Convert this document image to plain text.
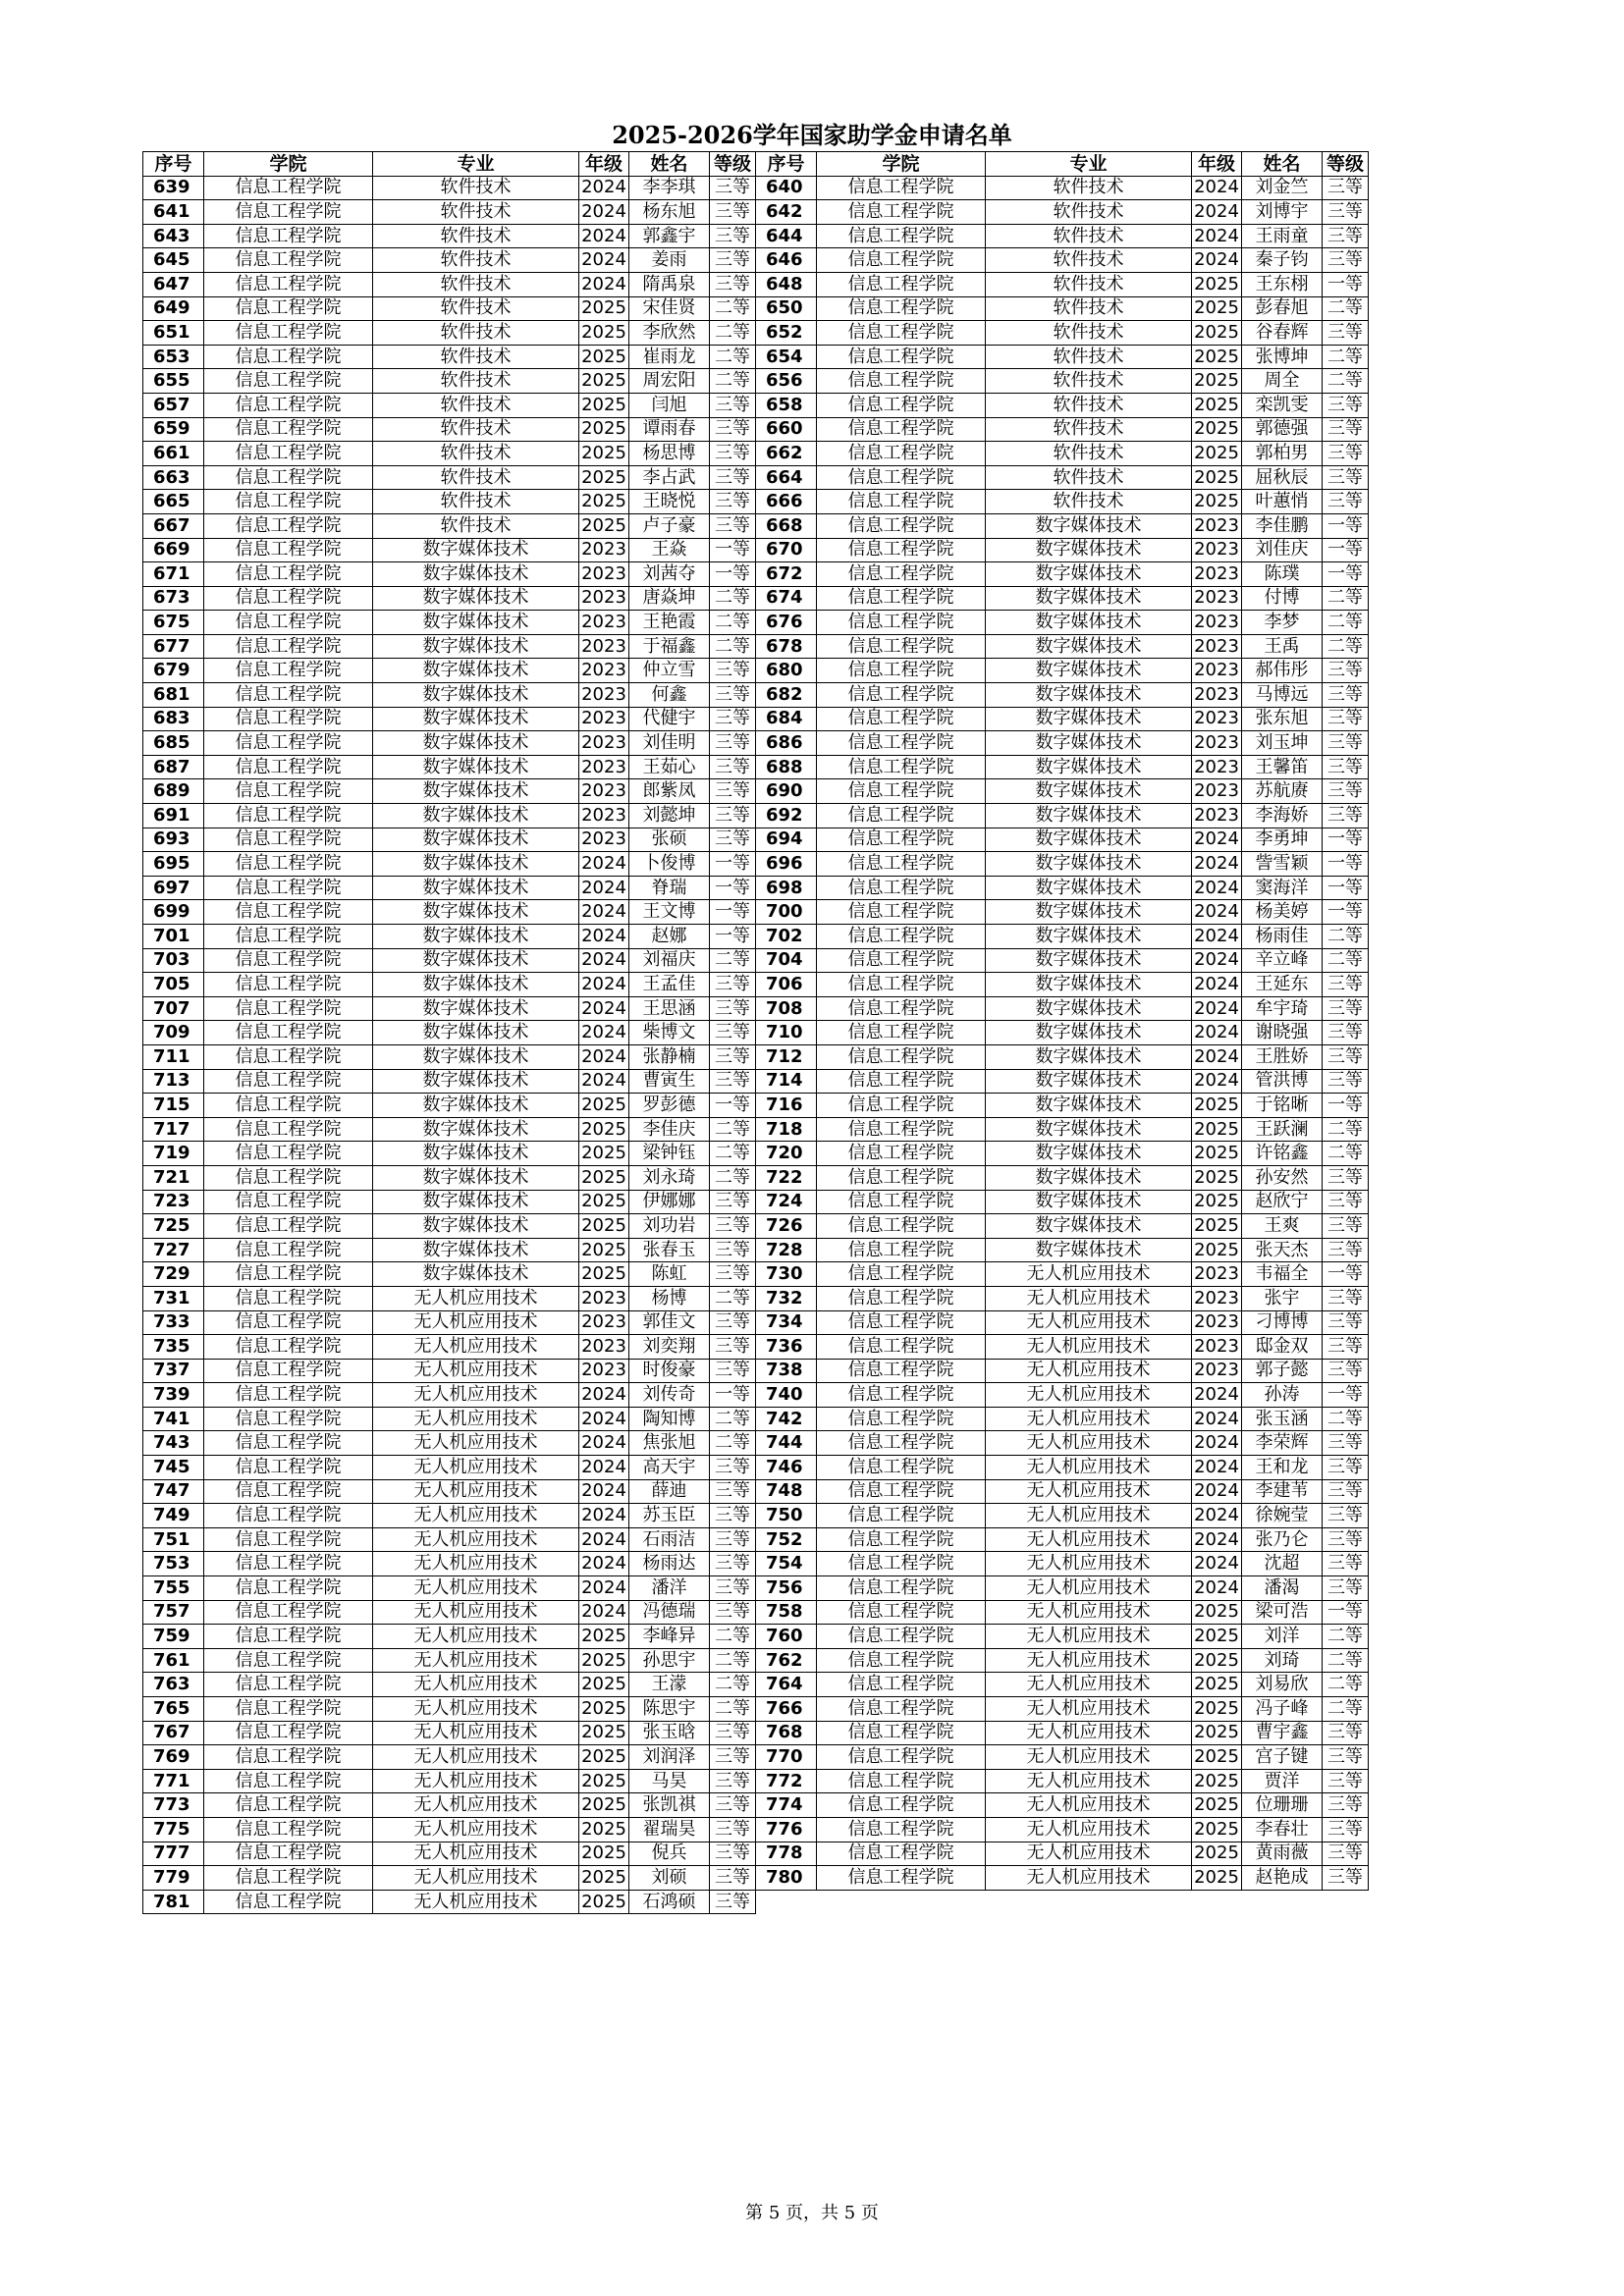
2025-2026学年国家助学金申请名单
序号	学院	专业	年级	姓名	等级	序号	学院	专业	年级	姓名	等级
639	信息工程学院	软件技术	2024	李李琪	三等	640	信息工程学院	软件技术	2024	刘金竺	三等
641	信息工程学院	软件技术	2024	杨东旭	三等	642	信息工程学院	软件技术	2024	刘博宇	三等
643	信息工程学院	软件技术	2024	郭鑫宇	三等	644	信息工程学院	软件技术	2024	王雨童	三等
645	信息工程学院	软件技术	2024	姜雨	三等	646	信息工程学院	软件技术	2024	秦子钧	三等
647	信息工程学院	软件技术	2024	隋禹泉	三等	648	信息工程学院	软件技术	2025	王东栩	一等
649	信息工程学院	软件技术	2025	宋佳贤	二等	650	信息工程学院	软件技术	2025	彭春旭	二等
651	信息工程学院	软件技术	2025	李欣然	二等	652	信息工程学院	软件技术	2025	谷春辉	三等
653	信息工程学院	软件技术	2025	崔雨龙	二等	654	信息工程学院	软件技术	2025	张博坤	二等
655	信息工程学院	软件技术	2025	周宏阳	二等	656	信息工程学院	软件技术	2025	周全	二等
657	信息工程学院	软件技术	2025	闫旭	三等	658	信息工程学院	软件技术	2025	栾凯雯	三等
659	信息工程学院	软件技术	2025	谭雨春	三等	660	信息工程学院	软件技术	2025	郭德强	三等
661	信息工程学院	软件技术	2025	杨思博	三等	662	信息工程学院	软件技术	2025	郭柏男	三等
663	信息工程学院	软件技术	2025	李占武	三等	664	信息工程学院	软件技术	2025	屈秋辰	三等
665	信息工程学院	软件技术	2025	王晓悦	三等	666	信息工程学院	软件技术	2025	叶蕙悄	三等
667	信息工程学院	软件技术	2025	卢子豪	三等	668	信息工程学院	数字媒体技术	2023	李佳鹏	一等
669	信息工程学院	数字媒体技术	2023	王焱	一等	670	信息工程学院	数字媒体技术	2023	刘佳庆	一等
671	信息工程学院	数字媒体技术	2023	刘茜夺	一等	672	信息工程学院	数字媒体技术	2023	陈璞	一等
673	信息工程学院	数字媒体技术	2023	唐焱坤	二等	674	信息工程学院	数字媒体技术	2023	付博	二等
675	信息工程学院	数字媒体技术	2023	王艳霞	二等	676	信息工程学院	数字媒体技术	2023	李梦	二等
677	信息工程学院	数字媒体技术	2023	于福鑫	二等	678	信息工程学院	数字媒体技术	2023	王禹	二等
679	信息工程学院	数字媒体技术	2023	仲立雪	三等	680	信息工程学院	数字媒体技术	2023	郝伟彤	三等
681	信息工程学院	数字媒体技术	2023	何鑫	三等	682	信息工程学院	数字媒体技术	2023	马博远	三等
683	信息工程学院	数字媒体技术	2023	代健宇	三等	684	信息工程学院	数字媒体技术	2023	张东旭	三等
685	信息工程学院	数字媒体技术	2023	刘佳明	三等	686	信息工程学院	数字媒体技术	2023	刘玉坤	三等
687	信息工程学院	数字媒体技术	2023	王茹心	三等	688	信息工程学院	数字媒体技术	2023	王馨笛	三等
689	信息工程学院	数字媒体技术	2023	郎紫凤	三等	690	信息工程学院	数字媒体技术	2023	苏航赓	三等
691	信息工程学院	数字媒体技术	2023	刘懿坤	三等	692	信息工程学院	数字媒体技术	2023	李海娇	三等
693	信息工程学院	数字媒体技术	2023	张硕	三等	694	信息工程学院	数字媒体技术	2024	李勇坤	一等
695	信息工程学院	数字媒体技术	2024	卜俊博	一等	696	信息工程学院	数字媒体技术	2024	訾雪颖	一等
697	信息工程学院	数字媒体技术	2024	脊瑞	一等	698	信息工程学院	数字媒体技术	2024	窦海洋	一等
699	信息工程学院	数字媒体技术	2024	王文博	一等	700	信息工程学院	数字媒体技术	2024	杨美婷	一等
701	信息工程学院	数字媒体技术	2024	赵娜	一等	702	信息工程学院	数字媒体技术	2024	杨雨佳	二等
703	信息工程学院	数字媒体技术	2024	刘福庆	二等	704	信息工程学院	数字媒体技术	2024	辛立峰	二等
705	信息工程学院	数字媒体技术	2024	王孟佳	三等	706	信息工程学院	数字媒体技术	2024	王延东	三等
707	信息工程学院	数字媒体技术	2024	王思涵	三等	708	信息工程学院	数字媒体技术	2024	牟宇琦	三等
709	信息工程学院	数字媒体技术	2024	柴博文	三等	710	信息工程学院	数字媒体技术	2024	谢晓强	三等
711	信息工程学院	数字媒体技术	2024	张静楠	三等	712	信息工程学院	数字媒体技术	2024	王胜娇	三等
713	信息工程学院	数字媒体技术	2024	曹寅生	三等	714	信息工程学院	数字媒体技术	2024	管洪博	三等
715	信息工程学院	数字媒体技术	2025	罗彭德	一等	716	信息工程学院	数字媒体技术	2025	于铭晰	一等
717	信息工程学院	数字媒体技术	2025	李佳庆	二等	718	信息工程学院	数字媒体技术	2025	王跃澜	二等
719	信息工程学院	数字媒体技术	2025	梁钟钰	二等	720	信息工程学院	数字媒体技术	2025	许铭鑫	二等
721	信息工程学院	数字媒体技术	2025	刘永琦	二等	722	信息工程学院	数字媒体技术	2025	孙安然	三等
723	信息工程学院	数字媒体技术	2025	伊娜娜	三等	724	信息工程学院	数字媒体技术	2025	赵欣宁	三等
725	信息工程学院	数字媒体技术	2025	刘功岩	三等	726	信息工程学院	数字媒体技术	2025	王爽	三等
727	信息工程学院	数字媒体技术	2025	张春玉	三等	728	信息工程学院	数字媒体技术	2025	张天杰	三等
729	信息工程学院	数字媒体技术	2025	陈虹	三等	730	信息工程学院	无人机应用技术	2023	韦福全	一等
731	信息工程学院	无人机应用技术	2023	杨博	二等	732	信息工程学院	无人机应用技术	2023	张宇	三等
733	信息工程学院	无人机应用技术	2023	郭佳文	三等	734	信息工程学院	无人机应用技术	2023	刁博博	三等
735	信息工程学院	无人机应用技术	2023	刘奕翔	三等	736	信息工程学院	无人机应用技术	2023	邸金双	三等
737	信息工程学院	无人机应用技术	2023	时俊豪	三等	738	信息工程学院	无人机应用技术	2023	郭子懿	三等
739	信息工程学院	无人机应用技术	2024	刘传奇	一等	740	信息工程学院	无人机应用技术	2024	孙涛	一等
741	信息工程学院	无人机应用技术	2024	陶知博	二等	742	信息工程学院	无人机应用技术	2024	张玉涵	二等
743	信息工程学院	无人机应用技术	2024	焦张旭	二等	744	信息工程学院	无人机应用技术	2024	李荣辉	三等
745	信息工程学院	无人机应用技术	2024	高天宇	三等	746	信息工程学院	无人机应用技术	2024	王和龙	三等
747	信息工程学院	无人机应用技术	2024	薛迪	三等	748	信息工程学院	无人机应用技术	2024	李建苇	三等
749	信息工程学院	无人机应用技术	2024	苏玉臣	三等	750	信息工程学院	无人机应用技术	2024	徐婉莹	三等
751	信息工程学院	无人机应用技术	2024	石雨洁	三等	752	信息工程学院	无人机应用技术	2024	张乃仑	三等
753	信息工程学院	无人机应用技术	2024	杨雨达	三等	754	信息工程学院	无人机应用技术	2024	沈超	三等
755	信息工程学院	无人机应用技术	2024	潘洋	三等	756	信息工程学院	无人机应用技术	2024	潘渴	三等
757	信息工程学院	无人机应用技术	2024	冯德瑞	三等	758	信息工程学院	无人机应用技术	2025	梁可浩	一等
759	信息工程学院	无人机应用技术	2025	李峰异	二等	760	信息工程学院	无人机应用技术	2025	刘洋	二等
761	信息工程学院	无人机应用技术	2025	孙思宇	二等	762	信息工程学院	无人机应用技术	2025	刘琦	二等
763	信息工程学院	无人机应用技术	2025	王濛	二等	764	信息工程学院	无人机应用技术	2025	刘易欣	二等
765	信息工程学院	无人机应用技术	2025	陈思宇	二等	766	信息工程学院	无人机应用技术	2025	冯子峰	二等
767	信息工程学院	无人机应用技术	2025	张玉晗	三等	768	信息工程学院	无人机应用技术	2025	曹宇鑫	三等
769	信息工程学院	无人机应用技术	2025	刘润泽	三等	770	信息工程学院	无人机应用技术	2025	宫子键	三等
771	信息工程学院	无人机应用技术	2025	马昊	三等	772	信息工程学院	无人机应用技术	2025	贾洋	三等
773	信息工程学院	无人机应用技术	2025	张凯祺	三等	774	信息工程学院	无人机应用技术	2025	位珊珊	三等
775	信息工程学院	无人机应用技术	2025	翟瑞昊	三等	776	信息工程学院	无人机应用技术	2025	李春壮	三等
777	信息工程学院	无人机应用技术	2025	倪兵	三等	778	信息工程学院	无人机应用技术	2025	黄雨薇	三等
779	信息工程学院	无人机应用技术	2025	刘硕	三等	780	信息工程学院	无人机应用技术	2025	赵艳成	三等
781	信息工程学院	无人机应用技术	2025	石鸿硕	三等						
第 5 页，共 5 页
